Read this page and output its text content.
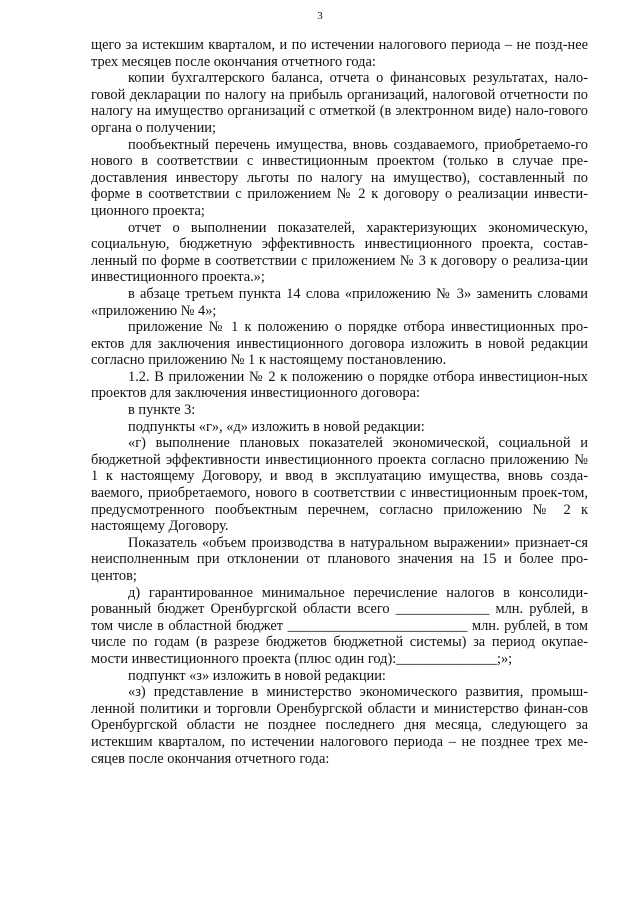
3

щего за истекшим кварталом, и по истечении налогового периода – не позд-нее трех месяцев после окончания отчетного года:

копии бухгалтерского баланса, отчета о финансовых результатах, нало-говой декларации по налогу на прибыль организаций, налоговой отчетности по налогу на имущество организаций с отметкой (в электронном виде) нало-гового органа о получении;

пообъектный перечень имущества, вновь создаваемого, приобретаемо-го нового в соответствии с инвестиционным проектом (только в случае пре-доставления инвестору льготы по налогу на имущество), составленный по форме в соответствии с приложением № 2 к договору о реализации инвести-ционного проекта;

отчет о выполнении показателей, характеризующих экономическую, социальную, бюджетную эффективность инвестиционного проекта, состав-ленный по форме в соответствии с приложением № 3 к договору о реализа-ции инвестиционного проекта.»;

в абзаце третьем пункта 14 слова «приложению № 3» заменить словами «приложению № 4»;

приложение № 1 к положению о порядке отбора инвестиционных про-ектов для заключения инвестиционного договора изложить в новой редакции согласно приложению № 1 к настоящему постановлению.

1.2. В приложении № 2 к положению о порядке отбора инвестицион-ных проектов для заключения инвестиционного договора:

в пункте 3:

подпункты «г», «д» изложить в новой редакции:

«г) выполнение плановых показателей экономической, социальной и бюджетной эффективности инвестиционного проекта согласно приложению № 1 к настоящему Договору, и ввод в эксплуатацию имущества, вновь созда-ваемого, приобретаемого, нового в соответствии с инвестиционным проек-том, предусмотренного пообъектным перечнем, согласно приложению № 2 к настоящему Договору.

Показатель «объем производства в натуральном выражении» признает-ся неисполненным при отклонении от планового значения на 15 и более про-центов;

д) гарантированное минимальное перечисление налогов в консолиди-рованный бюджет Оренбургской области всего _____________ млн. рублей, в том числе в областной бюджет _________________________ млн. рублей, в том числе по годам (в разрезе бюджетов бюджетной системы) за период окупае-мости инвестиционного проекта (плюс один год):______________;»;

подпункт «з» изложить в новой редакции:

«з) представление в министерство экономического развития, промыш-ленной политики и торговли Оренбургской области и министерство финан-сов Оренбургской области не позднее последнего дня месяца, следующего за истекшим кварталом, по истечении налогового периода – не позднее трех ме-сяцев после окончания отчетного года:
